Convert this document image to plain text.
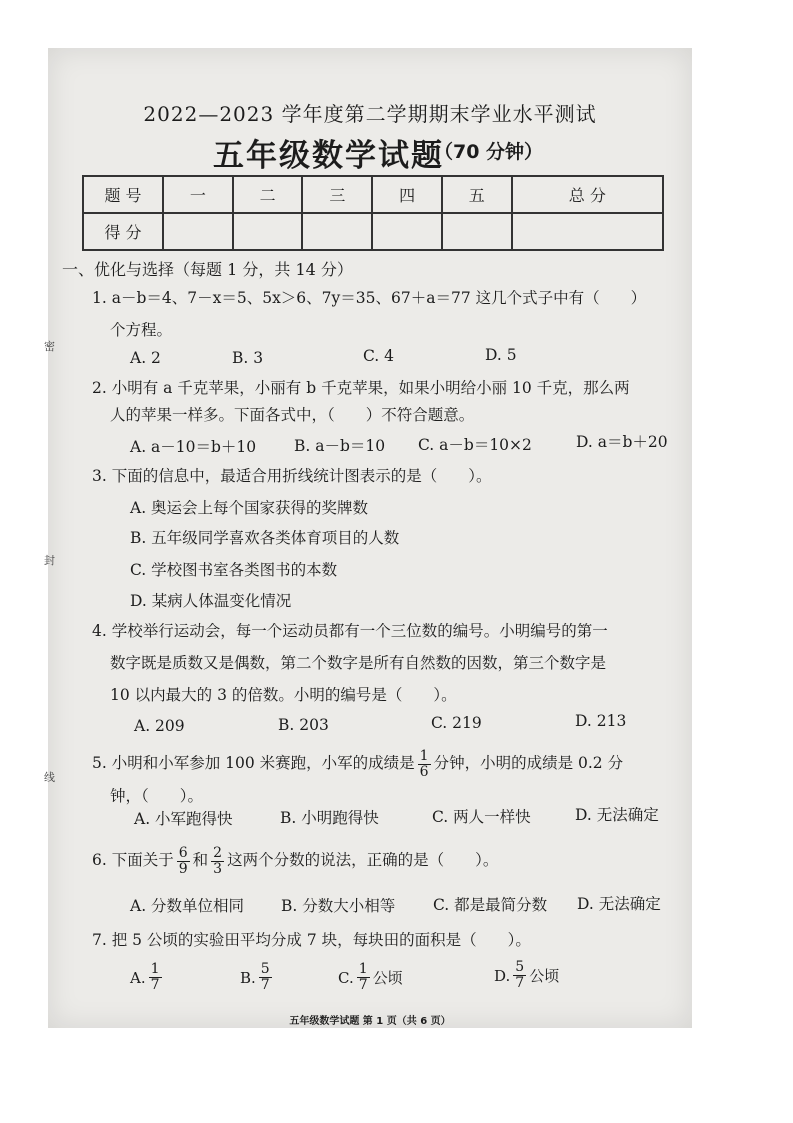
2022—2023 学年度第二学期期末学业水平测试
五年级数学试题
（70 分钟）
题 号	一	二	三	四	五	总 分
得 分						
一、优化与选择（每题 1 分，共 14 分）
1. a－b＝4、7－x＝5、5x＞6、7y＝35、67＋a＝77 这几个式子中有（　　）
个方程。
A. 2	B. 3	C. 4	D. 5
2. 小明有 a 千克苹果，小丽有 b 千克苹果，如果小明给小丽 10 千克，那么两
人的苹果一样多。下面各式中，（　　）不符合题意。
A. a－10＝b＋10 B. a－b＝10 C. a－b＝10×2	D. a＝b＋20
3. 下面的信息中，最适合用折线统计图表示的是（　　）。
A. 奥运会上每个国家获得的奖牌数
B. 五年级同学喜欢各类体育项目的人数
C. 学校图书室各类图书的本数
D. 某病人体温变化情况
4. 学校举行运动会，每一个运动员都有一个三位数的编号。小明编号的第一
数字既是质数又是偶数，第二个数字是所有自然数的因数，第三个数字是
10 以内最大的 3 的倍数。小明的编号是（　　）。
A. 209	B. 203	C. 219	D. 213
5. 小明和小军参加 100 米赛跑，小军的成绩是 $\frac{1}{6}$ 分钟，小明的成绩是 0.2 分
钟，（　　）。
A. 小军跑得快	B. 小明跑得快	C. 两人一样快	D. 无法确定
6. 下面关于 $\frac{6}{9}$ 和 $\frac{2}{3}$ 这两个分数的说法，正确的是（　　）。
A. 分数单位相同 B. 分数大小相等 C. 都是最简分数 D. 无法确定
7. 把 5 公顷的实验田平均分成 7 块，每块田的面积是（　　）。
A. $\frac{1}{7}$	B. $\frac{5}{7}$	C. $\frac{1}{7}$ 公顷	D. $\frac{5}{7}$ 公顷
五年级数学试题 第 1 页（共 6 页）
密
封
线
